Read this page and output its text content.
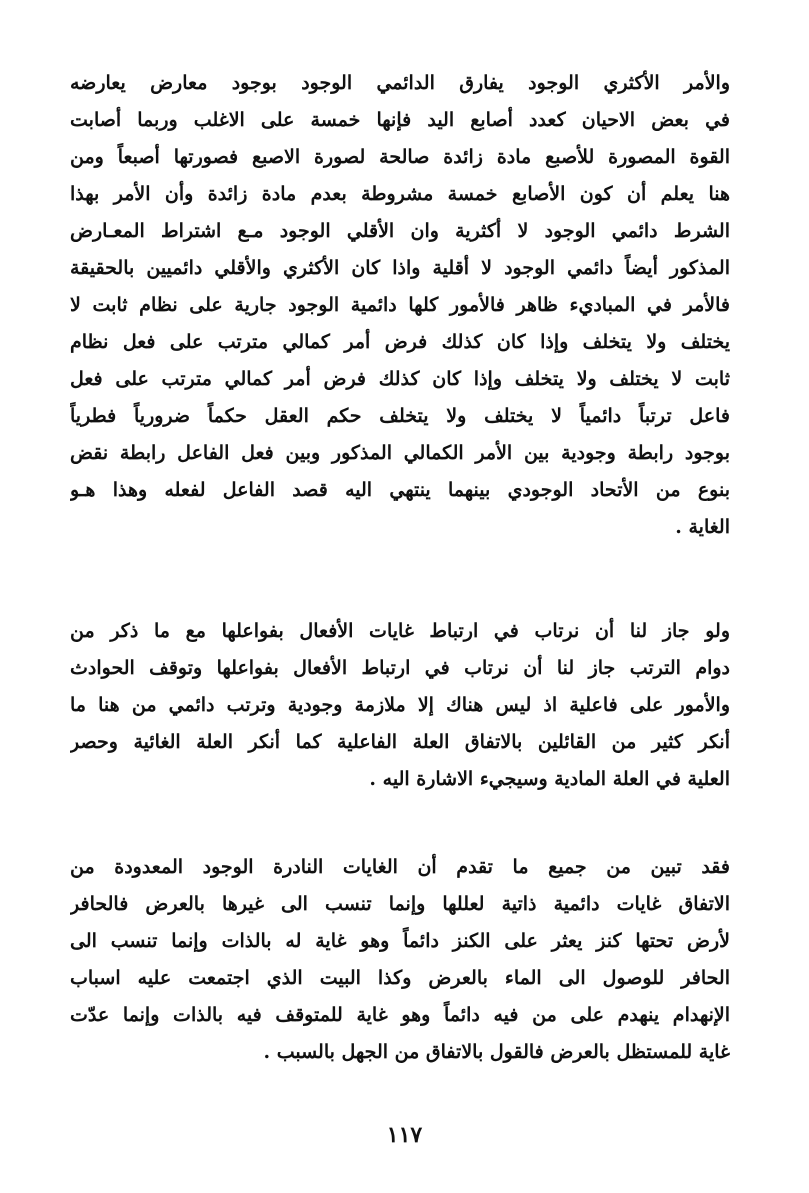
والأمر الأكثري الوجود يفارق الدائمي الوجود بوجود معارض يعارضه
في بعض الاحيان كعدد أصابع اليد فإنها خمسة على الاغلب وربما أصابت
القوة المصورة للأصبع مادة زائدة صالحة لصورة الاصبع فصورتها أصبعاً ومن
هنا يعلم أن كون الأصابع خمسة مشروطة بعدم مادة زائدة وأن الأمر بهذا
الشرط دائمي الوجود لا أكثرية وان الأقلي الوجود مـع اشتراط المعـارض
المذكور أيضاً دائمي الوجود لا أقلية واذا كان الأكثري والأقلي دائميين بالحقيقة
فالأمر في المباديء ظاهر فالأمور كلها دائمية الوجود جارية على نظام ثابت لا
يختلف ولا يتخلف وإذا كان كذلك فرض أمر كمالي مترتب على فعل نظام
ثابت لا يختلف ولا يتخلف وإذا كان كذلك فرض أمر كمالي مترتب على فعل
فاعل ترتباً دائمياً لا يختلف ولا يتخلف حكم العقل حكماً ضرورياً فطرياً
بوجود رابطة وجودية بين الأمر الكمالي المذكور وبين فعل الفاعل رابطة نقض
بنوع من الأتحاد الوجودي بينهما ينتهي اليه قصد الفاعل لفعله وهذا هـو
الغاية .
ولو جاز لنا أن نرتاب في ارتباط غايات الأفعال بفواعلها مع ما ذكر من
دوام الترتب جاز لنا أن نرتاب في ارتباط الأفعال بفواعلها وتوقف الحوادث
والأمور على فاعلية اذ ليس هناك إلا ملازمة وجودية وترتب دائمي من هنا ما
أنكر كثير من القائلين بالاتفاق العلة الفاعلية كما أنكر العلة الغائية وحصر
العلية في العلة المادية وسيجيء الاشارة اليه .
فقد تبين من جميع ما تقدم أن الغايات النادرة الوجود المعدودة من
الاتفاق غايات دائمية ذاتية لعللها وإنما تنسب الى غيرها بالعرض فالحافر
لأرض تحتها كنز يعثر على الكنز دائماً وهو غاية له بالذات وإنما تنسب الى
الحافر للوصول الى الماء بالعرض وكذا البيت الذي اجتمعت عليه اسباب
الإنهدام ينهدم على من فيه دائماً وهو غاية للمتوقف فيه بالذات وإنما عدّت
غاية للمستظل بالعرض فالقول بالاتفاق من الجهل بالسبب .
١١٧
